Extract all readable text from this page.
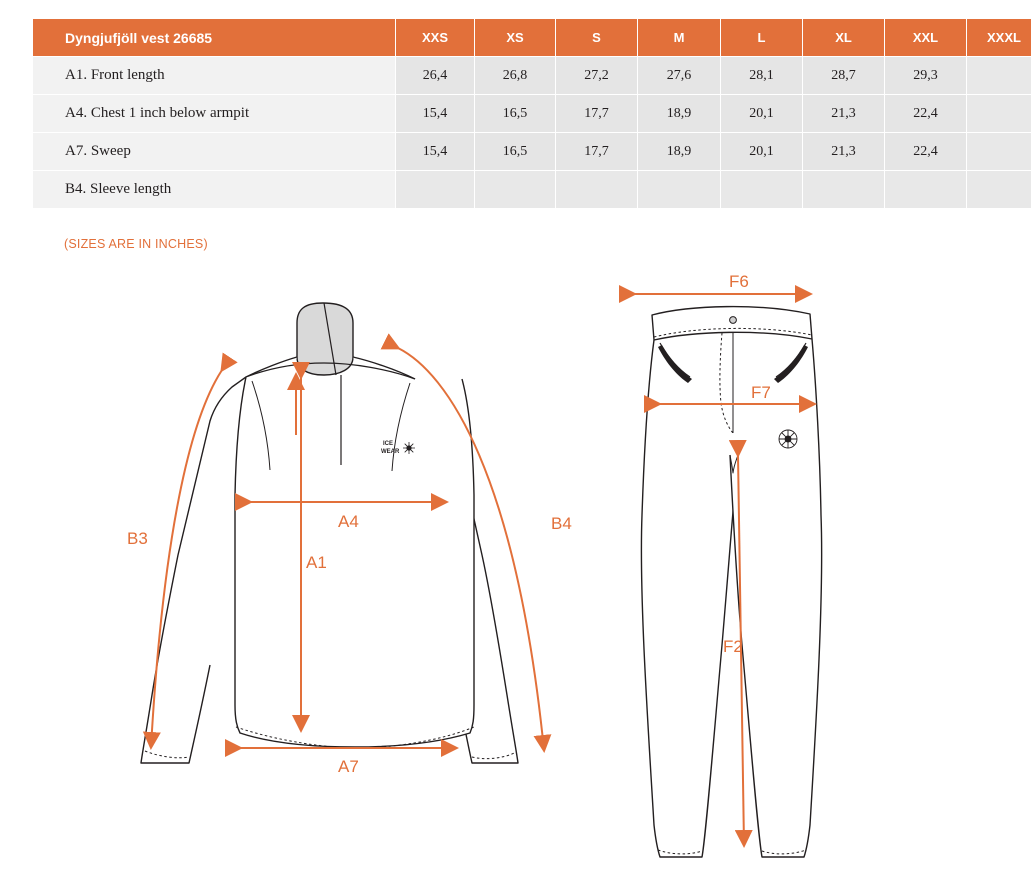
Dyngjufjöll vest 26685	XXS	XS	S	M	L	XL	XXL	XXXL
A1. Front length	26,4	26,8	27,2	27,6	28,1	28,7	29,3	
A4. Chest 1 inch below armpit	15,4	16,5	17,7	18,9	20,1	21,3	22,4	
A7. Sweep	15,4	16,5	17,7	18,9	20,1	21,3	22,4	
B4. Sleeve length								
(SIZES ARE IN INCHES)
ICE
WEAR
A1
A4
A7
B3
B4
F6
F7
F2
